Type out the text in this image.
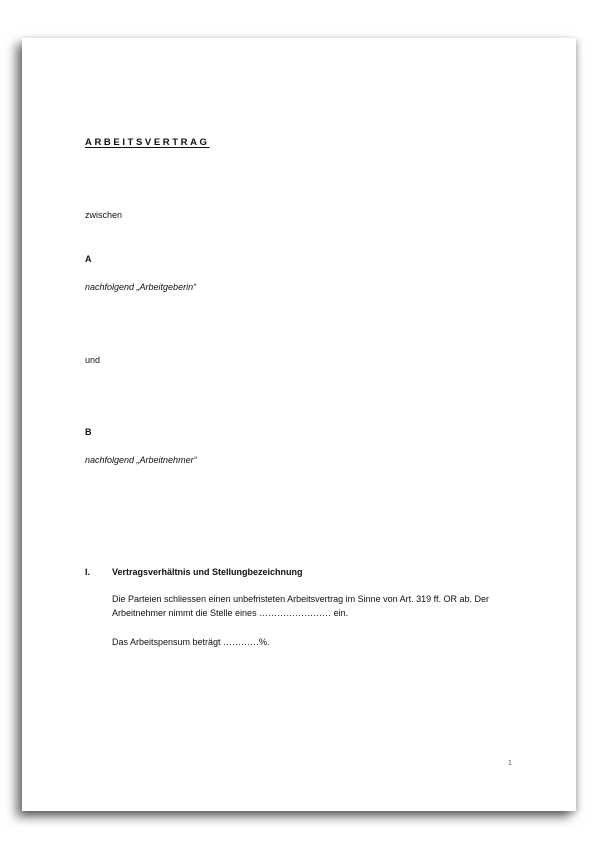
ARBEITSVERTRAG

zwischen

A

nachfolgend „Arbeitgeberin“

und

B

nachfolgend „Arbeitnehmer“

I. Vertragsverhältnis und Stellungbezeichnung

Die Parteien schliessen einen unbefristeten Arbeitsvertrag im Sinne von Art. 319 ff. OR ab. Der

Arbeitnehmer nimmt die Stelle eines …………………… ein.

Das Arbeitspensum beträgt …………%.

1
